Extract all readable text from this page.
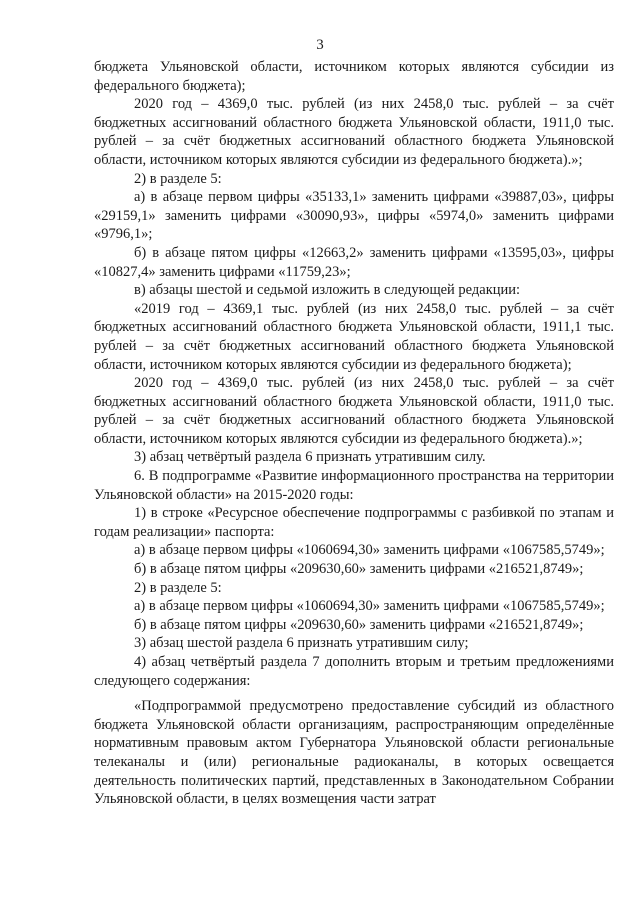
3

бюджета Ульяновской области, источником которых являются субсидии из федерального бюджета);

2020 год – 4369,0 тыс. рублей (из них 2458,0 тыс. рублей – за счёт бюджетных ассигнований областного бюджета Ульяновской области, 1911,0 тыс. рублей – за счёт бюджетных ассигнований областного бюджета Ульяновской области, источником которых являются субсидии из федерального бюджета).»;

2) в разделе 5:

а) в абзаце первом цифры «35133,1» заменить цифрами «39887,03», цифры «29159,1» заменить цифрами «30090,93», цифры «5974,0» заменить цифрами «9796,1»;

б) в абзаце пятом цифры «12663,2» заменить цифрами «13595,03», цифры «10827,4» заменить цифрами «11759,23»;

в) абзацы шестой и седьмой изложить в следующей редакции:

«2019 год – 4369,1 тыс. рублей (из них 2458,0 тыс. рублей – за счёт бюджетных ассигнований областного бюджета Ульяновской области, 1911,1 тыс. рублей – за счёт бюджетных ассигнований областного бюджета Ульяновской области, источником которых являются субсидии из федерального бюджета);

2020 год – 4369,0 тыс. рублей (из них 2458,0 тыс. рублей – за счёт бюджетных ассигнований областного бюджета Ульяновской области, 1911,0 тыс. рублей – за счёт бюджетных ассигнований областного бюджета Ульяновской области, источником которых являются субсидии из федерального бюджета).»;

3) абзац четвёртый раздела 6 признать утратившим силу.

6. В подпрограмме «Развитие информационного пространства на территории Ульяновской области» на 2015-2020 годы:

1) в строке «Ресурсное обеспечение подпрограммы с разбивкой по этапам и годам реализации» паспорта:

а) в абзаце первом цифры «1060694,30» заменить цифрами «1067585,5749»;

б) в абзаце пятом цифры «209630,60» заменить цифрами «216521,8749»;

2) в разделе 5:

а) в абзаце первом цифры «1060694,30» заменить цифрами «1067585,5749»;

б) в абзаце пятом цифры «209630,60» заменить цифрами «216521,8749»;

3) абзац шестой раздела 6 признать утратившим силу;

4) абзац четвёртый раздела 7 дополнить вторым и третьим предложениями следующего содержания:

«Подпрограммой предусмотрено предоставление субсидий из областного бюджета Ульяновской области организациям, распространяющим определённые нормативным правовым актом Губернатора Ульяновской области региональные телеканалы и (или) региональные радиоканалы, в которых освещается деятельность политических партий, представленных в Законодательном Собрании Ульяновской области, в целях возмещения части затрат
